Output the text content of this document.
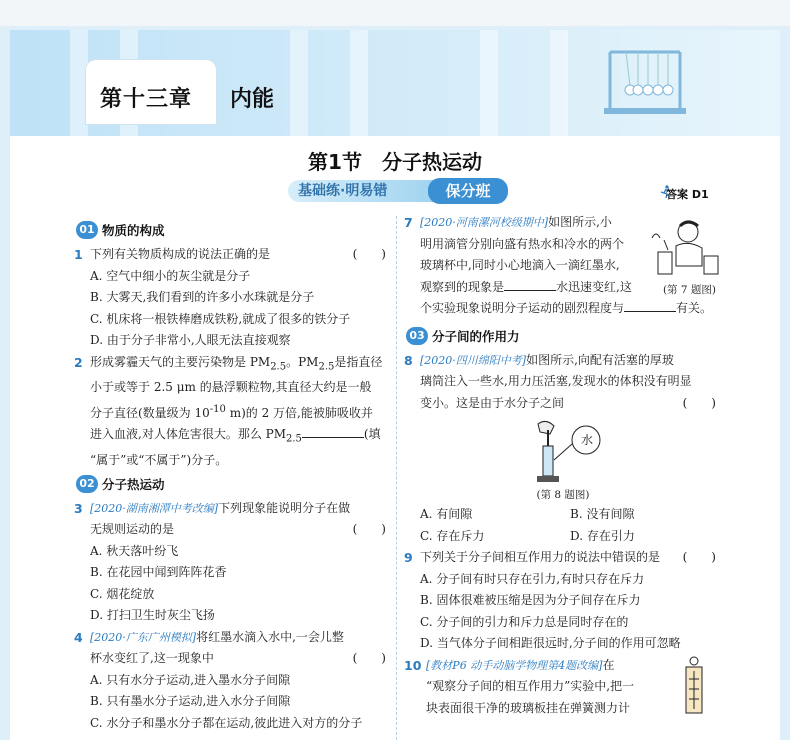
第十三章 内能
第1节　分子热运动
基础练·明易错	保分班	答案 D1
01 物质的构成
1 下列有关物质构成的说法正确的是	(　　)
A. 空气中细小的灰尘就是分子
B. 大雾天,我们看到的许多小水珠就是分子
C. 机床将一根铁棒磨成铁粉,就成了很多的铁分子
D. 由于分子非常小,人眼无法直接观察
2 形成雾霾天气的主要污染物是 $PM_{2.5}$。$PM_{2.5}$是指直径
小于或等于 2.5 μm 的悬浮颗粒物,其直径大约是一般
分子直径(数量级为 $10^{-10}$ m)的 2 万倍,能被肺吸收并
进入血液,对人体危害很大。那么 $PM_{2.5}$	(填
“属于”或“不属于”)分子。
02 分子热运动
3 [2020·湖南湘潭中考改编]下列现象能说明分子在做
无规则运动的是	(　　)
A. 秋天落叶纷飞
B. 在花园中闻到阵阵花香
C. 烟花绽放
D. 打扫卫生时灰尘飞扬
4 [2020·广东广州模拟]将红墨水滴入水中,一会儿整
杯水变红了,这一现象中	(　　)
A. 只有水分子运动,进入墨水分子间隙
B. 只有墨水分子运动,进入水分子间隙
C. 水分子和墨水分子都在运动,彼此进入对方的分子
7 [2020·河南漯河校级期中]如图所示,小
明用滴管分别向盛有热水和冷水的两个
玻璃杯中,同时小心地滴入一滴红墨水,
观察到的现象是	水迅速变红,这
个实验现象说明分子运动的剧烈程度与	有关。
(第 7 题图)
03 分子间的作用力
8 [2020·四川绵阳中考]如图所示,向配有活塞的厚玻
璃筒注入一些水,用力压活塞,发现水的体积没有明显
变小。这是由于水分子之间	(　　)
水
(第 8 题图)
A. 有间隙	B. 没有间隙
C. 存在斥力	D. 存在引力
9 下列关于分子间相互作用力的说法中错误的是 (　　)
A. 分子间有时只存在引力,有时只存在斥力
B. 固体很难被压缩是因为分子间存在斥力
C. 分子间的引力和斥力总是同时存在的
D. 当气体分子间相距很远时,分子间的作用可忽略
10 [教材P6 动手动脑学物理第4题改编]在
“观察分子间的相互作用力”实验中,把一
块表面很干净的玻璃板挂在弹簧测力计
